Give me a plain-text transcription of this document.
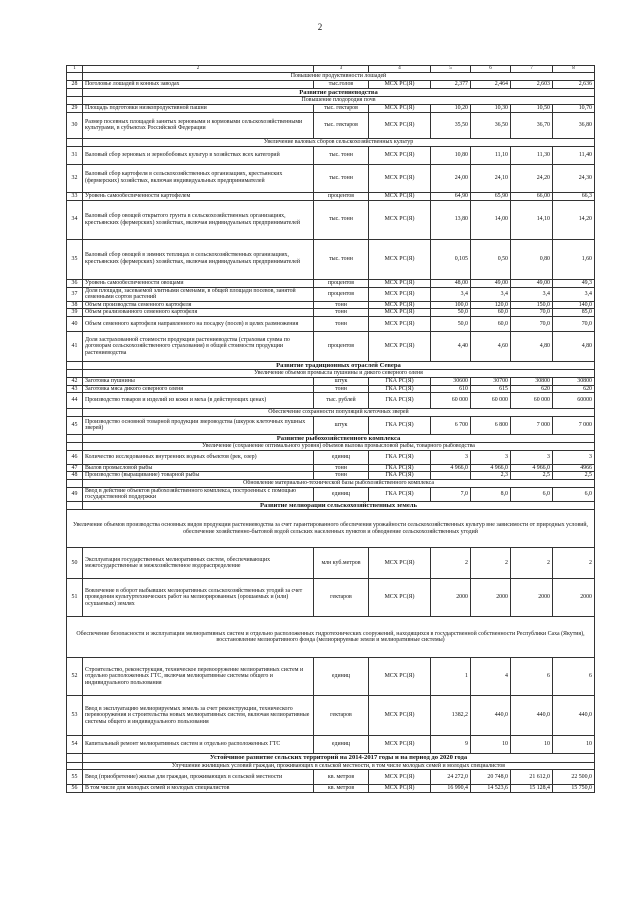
2
1	2	3	4	5	6	7	8
	Повышение продуктивности лошадей						
28	Поголовье лошадей в конных заводах	тыс.голов	МСХ РС(Я)	2,377	2,464	2,603	2,636
	Развитие растениеводства						
	Повышение плодородия почв						
29	Площадь подготовки низкопродуктивной пашни	тыс. гектаров	МСХ РС(Я)	10,20	10,30	10,50	10,70
30	Размер посевных площадей занятых зерновыми и кормовыми сельскохозяйственными культурами, в субъектах Российской Федерации	тыс. гектаров	МСХ РС(Я)	35,50	36,50	36,70	36,80
	Увеличение валовых сборов сельскохозяйственных культур						
31	Валовый сбор зерновых и зернобобовых культур в хозяйствах всех категорий	тыс. тонн	МСХ РС(Я)	10,80	11,10	11,30	11,40
32	Валовый сбор картофеля в сельскохозяйственных организациях, крестьянских (фермерских) хозяйствах, включая индивидуальных предпринимателей	тыс. тонн	МСХ РС(Я)	24,00	24,10	24,20	24,30
33	Уровень самообеспеченности картофелем	процентов	МСХ РС(Я)	64,90	65,90	66,00	66,3
34	Валовый сбор овощей открытого грунта в сельскохозяйственных организациях, крестьянских (фермерских) хозяйствах, включая индивидуальных предпринимателей	тыс. тонн	МСХ РС(Я)	13,80	14,00	14,10	14,20
35	Валовый сбор овощей в зимних теплицах в сельскохозяйственных организациях, крестьянских (фермерских) хозяйствах, включая индивидуальных предпринимателей	тыс. тонн	МСХ РС(Я)	0,105	0,50	0,80	1,60
36	Уровень самообеспеченности овощами	процентов	МСХ РС(Я)	48,00	49,00	49,00	49,3
37	Доля площади, засеваемой элитными семенами, в общей площади посевов, занятой семенными сортов растений	процентов	МСХ РС(Я)	3,4	3,4	3,4	3,4
38	Объем производства семенного картофеля	тонн	МСХ РС(Я)	100,0	120,0	150,0	140,0
39	Объем реализованного семенного картофеля	тонн	МСХ РС(Я)	50,0	60,0	70,0	85,0
40	Объем семенного картофеля направленного на посадку (посев) в целях размножения	тонн	МСХ РС(Я)	50,0	60,0	70,0	70,0
41	Доля застрахованной стоимости продукции растениеводства (страховая сумма по договорам сельскохозяйственного страхования) в общей стоимости продукции растениеводства	процентов	МСХ РС(Я)	4,40	4,60	4,80	4,80
	Развитие традиционных отраслей Севера						
	Увеличение объемов промысла пушнины и дикого северного оленя						
42	Заготовка пушнины	штук	ГКА РС(Я)	30600	30700	30800	30800
43	Заготовка мяса дикого северного оленя	тонн	ГКА РС(Я)	610	615	620	620
44	Производство товаров и изделий из кожи и меха (в действующих ценах)	тыс. рублей	ГКА РС(Я)	60 000	60 000	60 000	60000
	Обеспечение сохранности популяций клеточных зверей						
45	Производство основной товарной продукции звероводства (шкурок клеточных пушных зверей)	штук	ГКА РС(Я)	6 700	6 800	7 000	7 000
	Развитие рыбохозяйственного комплекса						
	Увеличение (сохранение оптимального уровня) объемов вылова промысловой рыбы, товарного рыбоводства						
46	Количество исследованных внутренних водных объектов (рек, озер)	единиц	ГКА РС(Я)	3	3	3	3
47	Вылов промысловой рыбы	тонн	ГКА РС(Я)	4 966,0	4 966,0	4 966,0	4966
48	Производство (выращивание) товарной рыбы	тонн	ГКА РС(Я)		2,3	2,5	2,5
	Обновление материально-технической базы рыбохозяйственного комплекса						
49	Ввод в действие объектов рыбохозяйственного комплекса, построенных с помощью государственной поддержки	единиц	ГКА РС(Я)	7,0	8,0	6,0	6,0
	Развитие мелиорации сельскохозяйственных земель						
Увеличение объемов производства основных видов продукции растениеводства за счет гарантированного обеспечения урожайности сельскохозяйственных культур вне зависимости от природных условий, обеспечение хозяйственно-бытовой водой сельских населенных пунктов и обводнение сельскохозяйственных угодий							
50	Эксплуатация государственных мелиоративных систем, обеспечивающих межгосударственные и межхозяйственное водораспределение	млн куб.метров	МСХ РС(Я)	2	2	2	2
51	Вовлечение в оборот выбывших мелиоративных сельскохозяйственных угодий за счет проведения культуртехнических работ на мелиорированных (орошаемых и (или) осушаемых) землях	гектаров	МСХ РС(Я)	2000	2000	2000	2000
Обеспечение безопасности и эксплуатации мелиоративных систем и отдельно расположенных гидротехнических сооружений, находящихся в государственной собственности Республики Саха (Якутия), восстановление мелиоративного фонда (мелиорируемые земли и мелиоративные системы)							
52	Строительство, реконструкция, техническое перевооружение мелиоративных систем и отдельно расположенных ГТС, включая мелиоративные системы общего и индивидуального пользования	единиц	МСХ РС(Я)	1	4	6	6
53	Ввод в эксплуатацию мелиорируемых земель за счет реконструкции, технического перевооружения и строительства новых мелиоративных систем, включая мелиоративные системы общего и индивидуального пользования	гектаров	МСХ РС(Я)	1382,2	440,0	440,0	440,0
54	Капитальный ремонт мелиоративных систем и отдельно расположенных ГТС	единиц	МСХ РС(Я)	9	10	10	10
	Устойчивое развитие сельских территорий на 2014-2017 годы и на период до 2020 года						
	Улучшение жилищных условий граждан, проживающих в сельской местности, в том числе молодых семей и молодых специалистов						
55	Ввод (приобретение) жилья для граждан, проживающих в сельской местности	кв. метров	МСХ РС(Я)	24 272,0	20 748,0	21 612,0	22 500,0
56	В том числе для молодых семей и молодых специалистов	кв. метров	МСХ РС(Я)	16 990,4	14 523,6	15 128,4	15 750,0
